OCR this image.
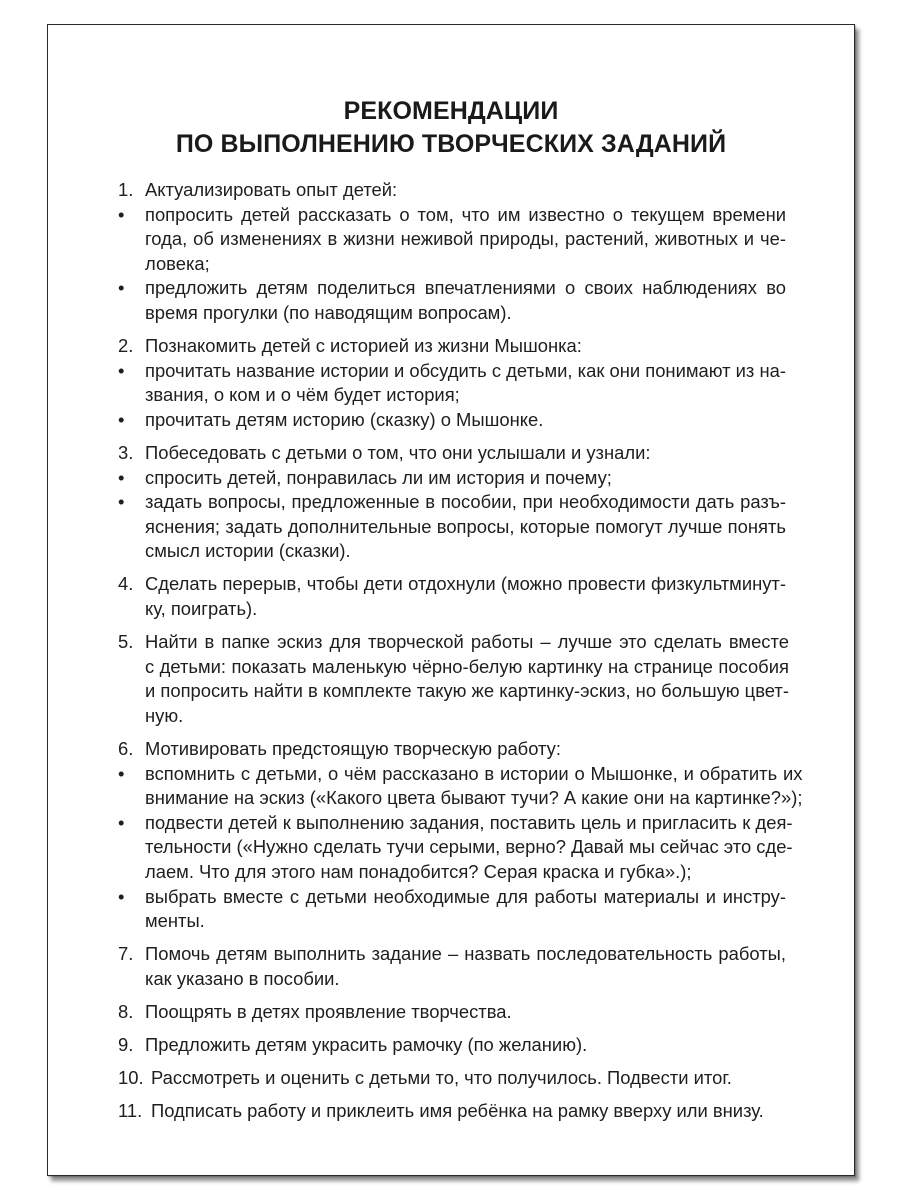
РЕКОМЕНДАЦИИ
ПО ВЫПОЛНЕНИЮ ТВОРЧЕСКИХ ЗАДАНИЙ
1. Актуализировать опыт детей:
•	попросить детей рассказать о том, что им известно о текущем времени
года, об изменениях в жизни неживой природы, растений, животных и че-
ловека;
•	предложить детям поделиться впечатлениями о своих наблюдениях во
время прогулки (по наводящим вопросам).
2. Познакомить детей с историей из жизни Мышонка:
•	прочитать название истории и обсудить с детьми, как они понимают из на-
звания, о ком и о чём будет история;
•	прочитать детям историю (сказку) о Мышонке.
3. Побеседовать с детьми о том, что они услышали и узнали:
•	спросить детей, понравилась ли им история и почему;
•	задать вопросы, предложенные в пособии, при необходимости дать разъ-
яснения; задать дополнительные вопросы, которые помогут лучше понять
смысл истории (сказки).
4. Сделать перерыв, чтобы дети отдохнули (можно провести физкультминут-
ку, поиграть).
5. Найти в папке эскиз для творческой работы – лучше это сделать вместе
с детьми: показать маленькую чёрно-белую картинку на странице пособия
и попросить найти в комплекте такую же картинку-эскиз, но большую цвет-
ную.
6. Мотивировать предстоящую творческую работу:
•	вспомнить с детьми, о чём рассказано в истории о Мышонке, и обратить их
внимание на эскиз («Какого цвета бывают тучи? А какие они на картинке?»);
•	подвести детей к выполнению задания, поставить цель и пригласить к дея-
тельности («Нужно сделать тучи серыми, верно? Давай мы сейчас это сде-
лаем. Что для этого нам понадобится? Серая краска и губка».);
•	выбрать вместе с детьми необходимые для работы материалы и инстру-
менты.
7. Помочь детям выполнить задание – назвать последовательность работы,
как указано в пособии.
8. Поощрять в детях проявление творчества.
9. Предложить детям украсить рамочку (по желанию).
10. Рассмотреть и оценить с детьми то, что получилось. Подвести итог.
11. Подписать работу и приклеить имя ребёнка на рамку вверху или внизу.
